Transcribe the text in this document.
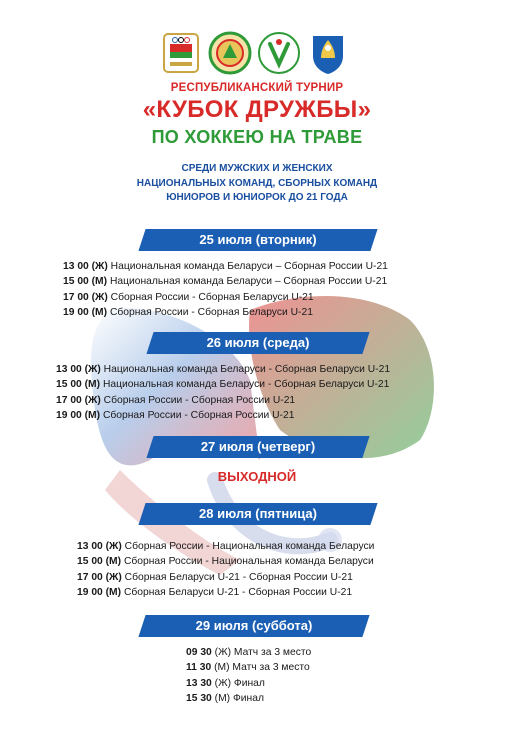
РЕСПУБЛИКАНСКИЙ ТУРНИР
«КУБОК ДРУЖБЫ»
ПО ХОККЕЮ НА ТРАВЕ
СРЕДИ МУЖСКИХ И ЖЕНСКИХ
НАЦИОНАЛЬНЫХ КОМАНД, СБОРНЫХ КОМАНД
ЮНИОРОВ И ЮНИОРОК ДО 21 ГОДА
25 июля (вторник)
13 00 (Ж) Национальная команда Беларуси – Сборная России U-21
15 00 (М) Национальная команда Беларуси – Сборная России U-21
17 00 (Ж) Сборная России - Сборная Беларуси U-21
19 00 (М) Сборная России - Сборная Беларуси U-21
26 июля (среда)
13 00 (Ж) Национальная команда Беларуси - Сборная Беларуси U-21
15 00 (М) Национальная команда Беларуси - Сборная Беларуси U-21
17 00 (Ж) Сборная России - Сборная России U-21
19 00 (М) Сборная России - Сборная России U-21
27 июля (четверг)
ВЫХОДНОЙ
28 июля (пятница)
13 00 (Ж) Сборная России - Национальная команда Беларуси
15 00 (М) Сборная России - Национальная команда Беларуси
17 00 (Ж) Сборная Беларуси U-21 - Сборная России U-21
19 00 (М) Сборная Беларуси U-21 - Сборная России U-21
29 июля (суббота)
09 30 (Ж) Матч за 3 место
11 30 (М) Матч за 3 место
13 30 (Ж) Финал
15 30 (М) Финал
